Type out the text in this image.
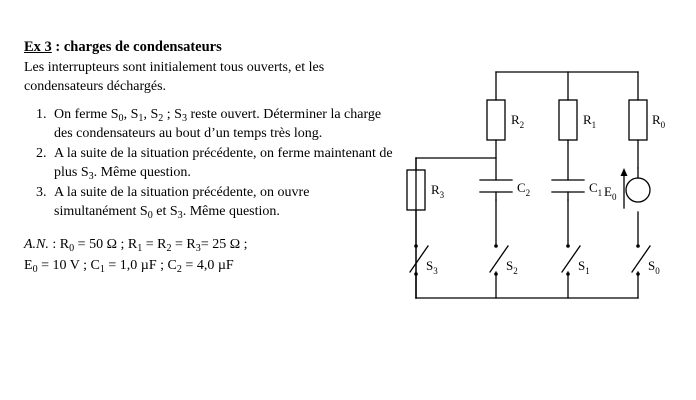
Ex 3 : charges de condensateurs

Les interrupteurs sont initialement tous ouverts, et les
condensateurs déchargés.

1. On ferme $S_0$, $S_1$, $S_2$ ; $S_3$ reste ouvert. Déterminer la charge des condensateurs au bout d’un temps très long.
2. A la suite de la situation précédente, on ferme maintenant de plus $S_3$. Même question.
3. A la suite de la situation précédente, on ouvre simultanément $S_0$ et $S_3$. Même question.

A.N. : $R_0 = 50$ Ω ; $R_1 = R_2 = R_3= 25$ Ω ;
$E_0 = 10$ V ; $C_1 = 1,0$ µF ; $C_2 = 4,0$ µF

$R_2$	$R_1$	$R_0$
$R_3$	$C_2$	$C_1$ $E_0$
$S_3$	$S_2$	$S_1$	$S_0$
